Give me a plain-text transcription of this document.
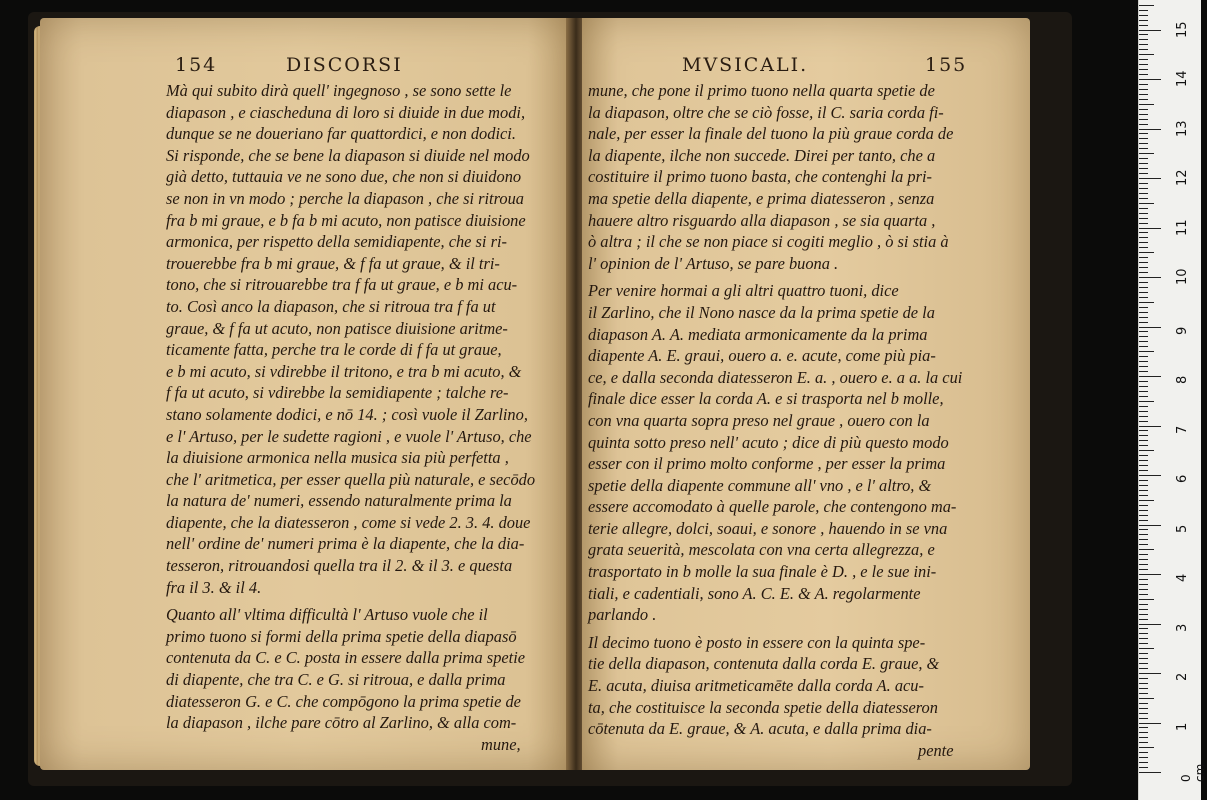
154	DISCORSI
Mà qui subito dirà quell' ingegnoso , se sono sette le
diapason , e ciascheduna di loro si diuide in due modi,
dunque se ne doueriano far quattordici, e non dodici.
Si risponde, che se bene la diapason si diuide nel modo
già detto, tuttauia ve ne sono due, che non si diuidono
se non in vn modo ; perche la diapason , che si ritroua
fra b mi graue, e b fa b mi acuto, non patisce diuisione
armonica, per rispetto della semidiapente, che si ri-
trouerebbe fra b mi graue, & f fa ut graue, & il tri-
tono, che si ritrouarebbe tra f fa ut graue, e b mi acu-
to. Così anco la diapason, che si ritroua tra f fa ut
graue, & f fa ut acuto, non patisce diuisione aritme-
ticamente fatta, perche tra le corde di f fa ut graue,
e b mi acuto, si vdirebbe il tritono, e tra b mi acuto, &
f fa ut acuto, si vdirebbe la semidiapente ; talche re-
stano solamente dodici, e nō 14. ; così vuole il Zarlino,
e l' Artuso, per le sudette ragioni , e vuole l' Artuso, che
la diuisione armonica nella musica sia più perfetta ,
che l' aritmetica, per esser quella più naturale, e secōdo
la natura de' numeri, essendo naturalmente prima la
diapente, che la diatesseron , come si vede 2. 3. 4. doue
nell' ordine de' numeri prima è la diapente, che la dia-
tesseron, ritrouandosi quella tra il 2. & il 3. e questa
fra il 3. & il 4.
Quanto all' vltima difficultà l' Artuso vuole che il
primo tuono si formi della prima spetie della diapasō
contenuta da C. e C. posta in essere dalla prima spetie
di diapente, che tra C. e G. si ritroua, e dalla prima
diatesseron G. e C. che compōgono la prima spetie de
la diapason , ilche pare cōtro al Zarlino, & alla com-
mune,
MVSICALI.	155
mune, che pone il primo tuono nella quarta spetie de
la diapason, oltre che se ciò fosse, il C. saria corda fi-
nale, per esser la finale del tuono la più graue corda de
la diapente, ilche non succede. Direi per tanto, che a
costituire il primo tuono basta, che contenghi la pri-
ma spetie della diapente, e prima diatesseron , senza
hauere altro risguardo alla diapason , se sia quarta ,
ò altra ; il che se non piace si cogiti meglio , ò si stia à
l' opinion de l' Artuso, se pare buona .
Per venire hormai a gli altri quattro tuoni, dice
il Zarlino, che il Nono nasce da la prima spetie de la
diapason A. A. mediata armonicamente da la prima
diapente A. E. graui, ouero a. e. acute, come più pia-
ce, e dalla seconda diatesseron E. a. , ouero e. a a. la cui
finale dice esser la corda A. e si trasporta nel b molle,
con vna quarta sopra preso nel graue , ouero con la
quinta sotto preso nell' acuto ; dice di più questo modo
esser con il primo molto conforme , per esser la prima
spetie della diapente commune all' vno , e l' altro, &
essere accomodato à quelle parole, che contengono ma-
terie allegre, dolci, soaui, e sonore , hauendo in se vna
grata seuerità, mescolata con vna certa allegrezza, e
trasportato in b molle la sua finale è D. , e le sue ini-
tiali, e cadentiali, sono A. C. E. & A. regolarmente
parlando .
Il decimo tuono è posto in essere con la quinta spe-
tie della diapason, contenuta dalla corda E. graue, &
E. acuta, diuisa aritmeticamēte dalla corda A. acu-
ta, che costituisce la seconda spetie della diatesseron
cōtenuta da E. graue, & A. acuta, e dalla prima dia-
pente
0 cm
1
2
3
4
5
6
7
8
9
10
11
12
13
14
15
